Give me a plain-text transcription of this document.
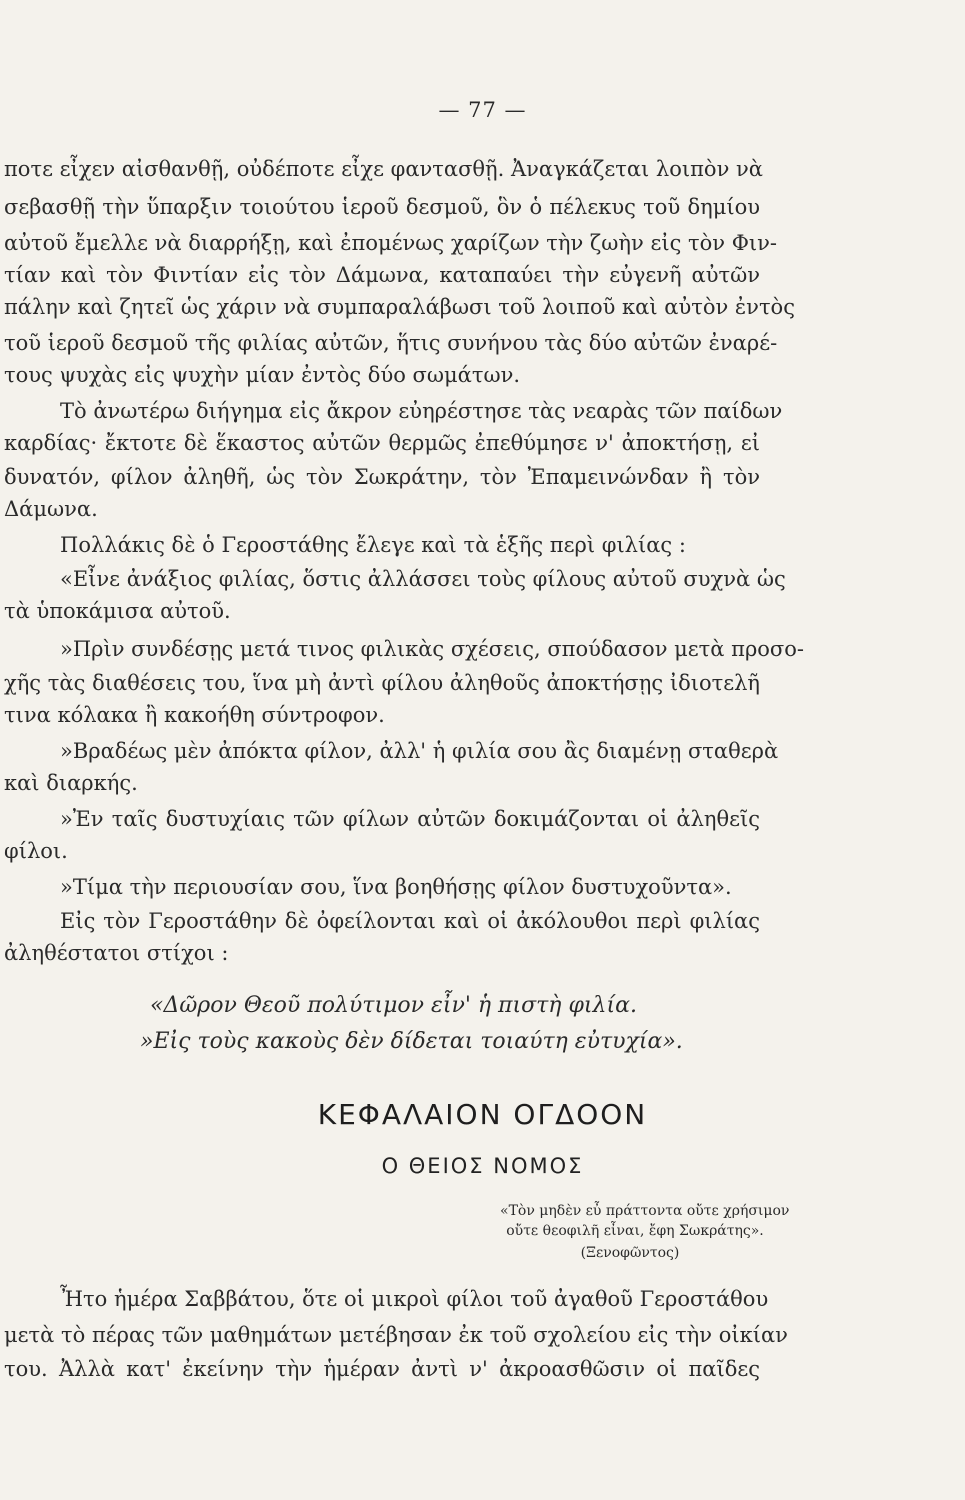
— 77 —
ποτε εἶχεν αἰσθανθῇ, οὐδέποτε εἶχε φαντασθῇ. Ἀναγκάζεται λοιπὸν νὰ
σεβασθῇ τὴν ὕπαρξιν τοιούτου ἱεροῦ δεσμοῦ, ὃν ὁ πέλεκυς τοῦ δημίου
αὐτοῦ ἔμελλε νὰ διαρρήξῃ, καὶ ἐπομένως χαρίζων τὴν ζωὴν εἰς τὸν Φιν-
τίαν καὶ τὸν Φιντίαν εἰς τὸν Δάμωνα, καταπαύει τὴν εὐγενῆ αὐτῶν
πάλην καὶ ζητεῖ ὡς χάριν νὰ συμπαραλάβωσι τοῦ λοιποῦ καὶ αὐτὸν ἐντὸς
τοῦ ἱεροῦ δεσμοῦ τῆς φιλίας αὐτῶν, ἥτις συνήνου τὰς δύο αὐτῶν ἐναρέ-
τους ψυχὰς εἰς ψυχὴν μίαν ἐντὸς δύο σωμάτων.
Τὸ ἀνωτέρω διήγημα εἰς ἄκρον εὐηρέστησε τὰς νεαρὰς τῶν παίδων
καρδίας· ἔκτοτε δὲ ἕκαστος αὐτῶν θερμῶς ἐπεθύμησε ν' ἀποκτήσῃ, εἰ
δυνατόν, φίλον ἀληθῆ, ὡς τὸν Σωκράτην, τὸν Ἐπαμεινώνδαν ἢ τὸν
Δάμωνα.
Πολλάκις δὲ ὁ Γεροστάθης ἔλεγε καὶ τὰ ἑξῆς περὶ φιλίας :
«Εἶνε ἀνάξιος φιλίας, ὅστις ἀλλάσσει τοὺς φίλους αὐτοῦ συχνὰ ὡς
τὰ ὑποκάμισα αὐτοῦ.
»Πρὶν συνδέσῃς μετά τινος φιλικὰς σχέσεις, σπούδασον μετὰ προσο-
χῆς τὰς διαθέσεις του, ἵνα μὴ ἀντὶ φίλου ἀληθοῦς ἀποκτήσῃς ἰδιοτελῆ
τινα κόλακα ἢ κακοήθη σύντροφον.
»Βραδέως μὲν ἀπόκτα φίλον, ἀλλ' ἡ φιλία σου ἂς διαμένῃ σταθερὰ
καὶ διαρκής.
»Ἐν ταῖς δυστυχίαις τῶν φίλων αὐτῶν δοκιμάζονται οἱ ἀληθεῖς
φίλοι.
»Τίμα τὴν περιουσίαν σου, ἵνα βοηθήσῃς φίλον δυστυχοῦντα».
Εἰς τὸν Γεροστάθην δὲ ὀφείλονται καὶ οἱ ἀκόλουθοι περὶ φιλίας
ἀληθέστατοι στίχοι :
«Δῶρον Θεοῦ πολύτιμον εἶν' ἡ πιστὴ φιλία.
»Εἰς τοὺς κακοὺς δὲν δίδεται τοιαύτη εὐτυχία».
ΚΕΦΑΛΑΙΟΝ ΟΓΔΟΟΝ
Ο ΘΕΙΟΣ ΝΟΜΟΣ
«Τὸν μηδὲν εὖ πράττοντα οὔτε χρήσιμον
οὔτε θεοφιλῆ εἶναι, ἔφη Σωκράτης».
(Ξενοφῶντος)
Ἦτο ἡμέρα Σαββάτου, ὅτε οἱ μικροὶ φίλοι τοῦ ἀγαθοῦ Γεροστάθου
μετὰ τὸ πέρας τῶν μαθημάτων μετέβησαν ἐκ τοῦ σχολείου εἰς τὴν οἰκίαν
του. Ἀλλὰ κατ' ἐκείνην τὴν ἡμέραν ἀντὶ ν' ἀκροασθῶσιν οἱ παῖδες
